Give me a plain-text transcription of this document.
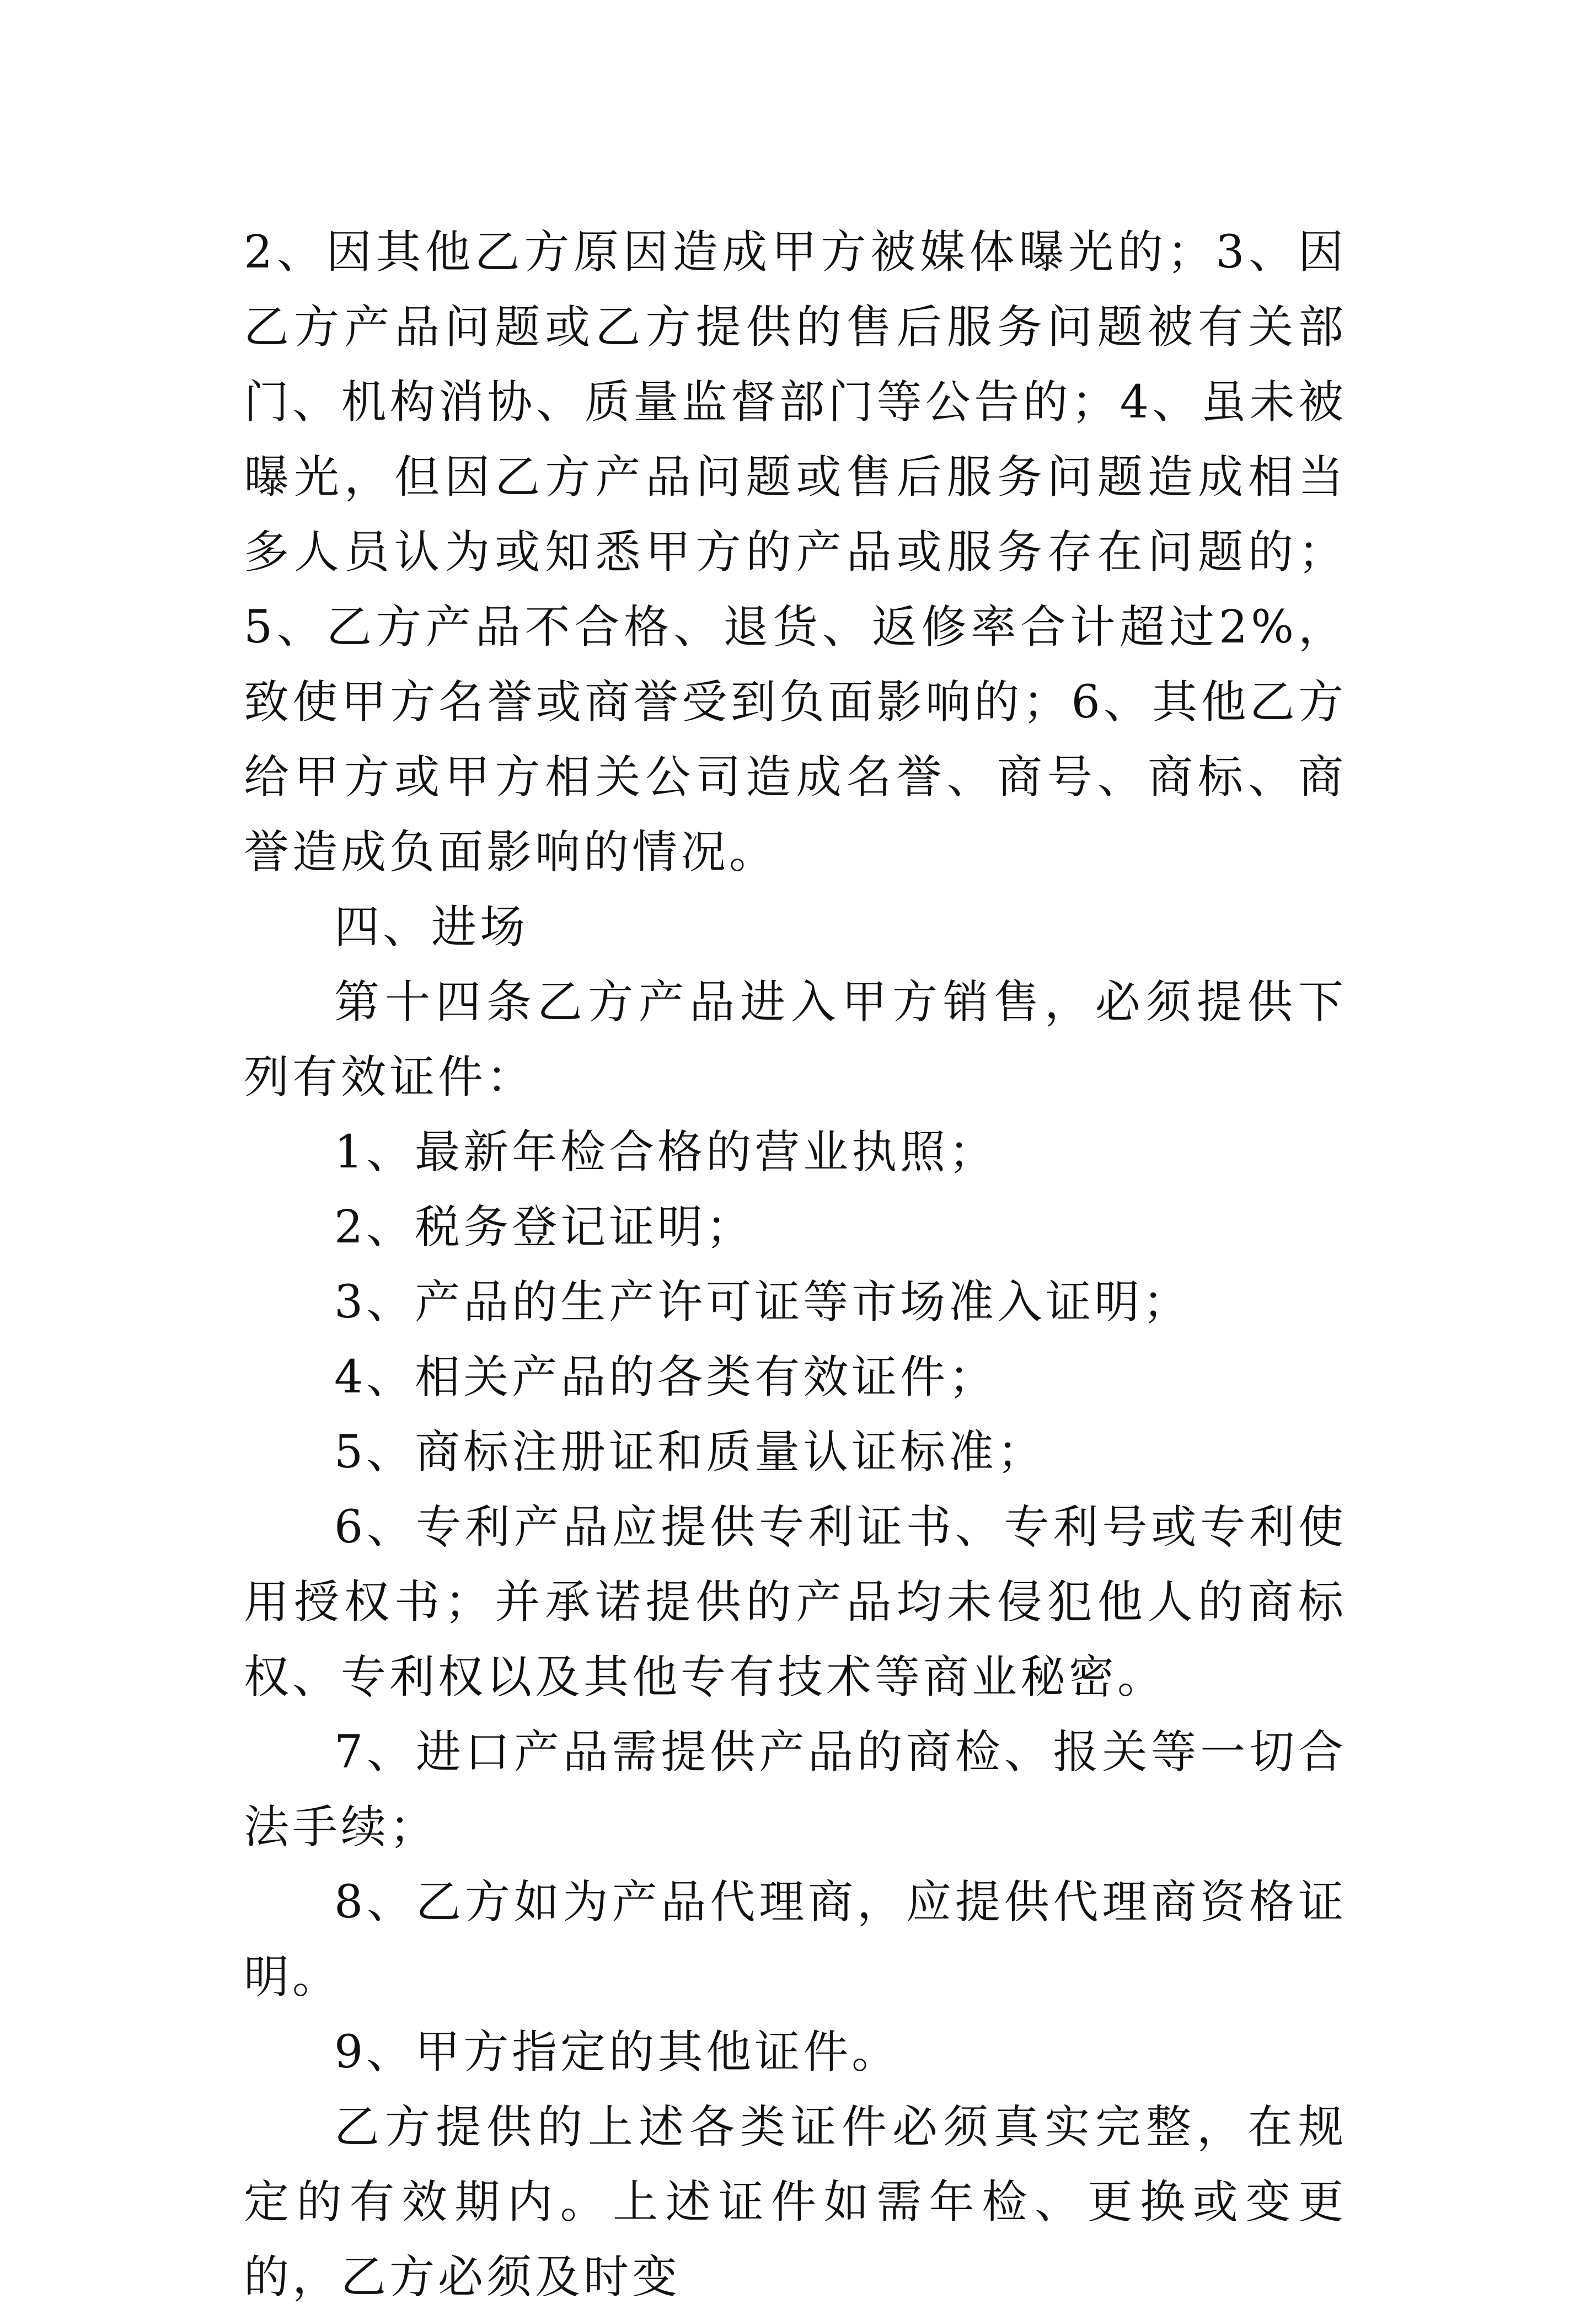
2、因其他乙方原因造成甲方被媒体曝光的；3、因乙方产品问题或乙方提供的售后服务问题被有关部门、机构消协、质量监督部门等公告的；4、虽未被曝光，但因乙方产品问题或售后服务问题造成相当多人员认为或知悉甲方的产品或服务存在问题的；5、乙方产品不合格、退货、返修率合计超过2%，致使甲方名誉或商誉受到负面影响的；6、其他乙方给甲方或甲方相关公司造成名誉、商号、商标、商誉造成负面影响的情况。

四、进场

第十四条乙方产品进入甲方销售，必须提供下列有效证件：

1、最新年检合格的营业执照；

2、税务登记证明；

3、产品的生产许可证等市场准入证明；

4、相关产品的各类有效证件；

5、商标注册证和质量认证标准；

6、专利产品应提供专利证书、专利号或专利使用授权书；并承诺提供的产品均未侵犯他人的商标权、专利权以及其他专有技术等商业秘密。

7、进口产品需提供产品的商检、报关等一切合法手续；

8、乙方如为产品代理商，应提供代理商资格证明。

9、甲方指定的其他证件。

乙方提供的上述各类证件必须真实完整，在规定的有效期内。上述证件如需年检、更换或变更的，乙方必须及时变
